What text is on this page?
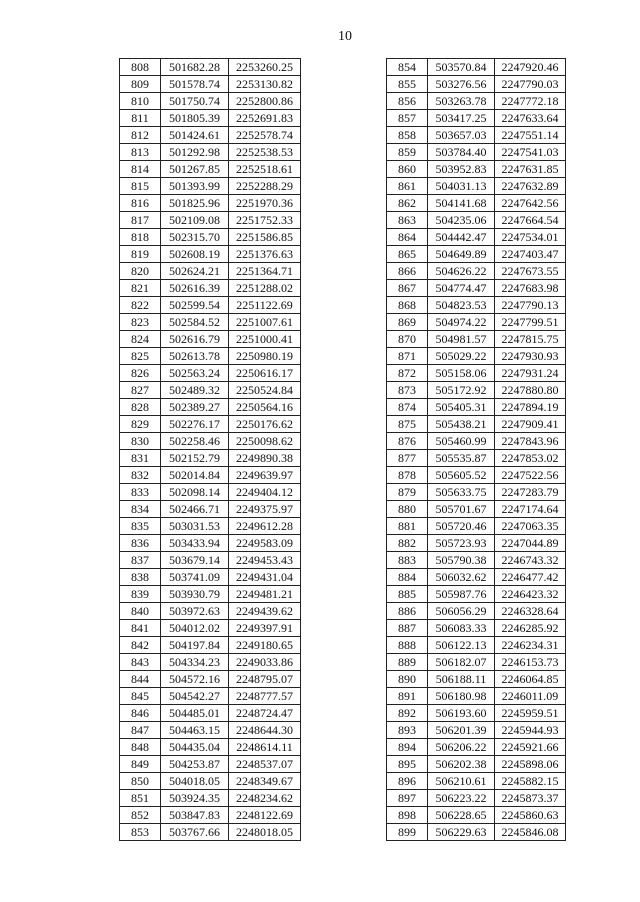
10
808	501682.28	2253260.25
809	501578.74	2253130.82
810	501750.74	2252800.86
811	501805.39	2252691.83
812	501424.61	2252578.74
813	501292.98	2252538.53
814	501267.85	2252518.61
815	501393.99	2252288.29
816	501825.96	2251970.36
817	502109.08	2251752.33
818	502315.70	2251586.85
819	502608.19	2251376.63
820	502624.21	2251364.71
821	502616.39	2251288.02
822	502599.54	2251122.69
823	502584.52	2251007.61
824	502616.79	2251000.41
825	502613.78	2250980.19
826	502563.24	2250616.17
827	502489.32	2250524.84
828	502389.27	2250564.16
829	502276.17	2250176.62
830	502258.46	2250098.62
831	502152.79	2249890.38
832	502014.84	2249639.97
833	502098.14	2249404.12
834	502466.71	2249375.97
835	503031.53	2249612.28
836	503433.94	2249583.09
837	503679.14	2249453.43
838	503741.09	2249431.04
839	503930.79	2249481.21
840	503972.63	2249439.62
841	504012.02	2249397.91
842	504197.84	2249180.65
843	504334.23	2249033.86
844	504572.16	2248795.07
845	504542.27	2248777.57
846	504485.01	2248724.47
847	504463.15	2248644.30
848	504435.04	2248614.11
849	504253.87	2248537.07
850	504018.05	2248349.67
851	503924.35	2248234.62
852	503847.83	2248122.69
853	503767.66	2248018.05
854	503570.84	2247920.46
855	503276.56	2247790.03
856	503263.78	2247772.18
857	503417.25	2247633.64
858	503657.03	2247551.14
859	503784.40	2247541.03
860	503952.83	2247631.85
861	504031.13	2247632.89
862	504141.68	2247642.56
863	504235.06	2247664.54
864	504442.47	2247534.01
865	504649.89	2247403.47
866	504626.22	2247673.55
867	504774.47	2247683.98
868	504823.53	2247790.13
869	504974.22	2247799.51
870	504981.57	2247815.75
871	505029.22	2247930.93
872	505158.06	2247931.24
873	505172.92	2247880.80
874	505405.31	2247894.19
875	505438.21	2247909.41
876	505460.99	2247843.96
877	505535.87	2247853.02
878	505605.52	2247522.56
879	505633.75	2247283.79
880	505701.67	2247174.64
881	505720.46	2247063.35
882	505723.93	2247044.89
883	505790.38	2246743.32
884	506032.62	2246477.42
885	505987.76	2246423.32
886	506056.29	2246328.64
887	506083.33	2246285.92
888	506122.13	2246234.31
889	506182.07	2246153.73
890	506188.11	2246064.85
891	506180.98	2246011.09
892	506193.60	2245959.51
893	506201.39	2245944.93
894	506206.22	2245921.66
895	506202.38	2245898.06
896	506210.61	2245882.15
897	506223.22	2245873.37
898	506228.65	2245860.63
899	506229.63	2245846.08
